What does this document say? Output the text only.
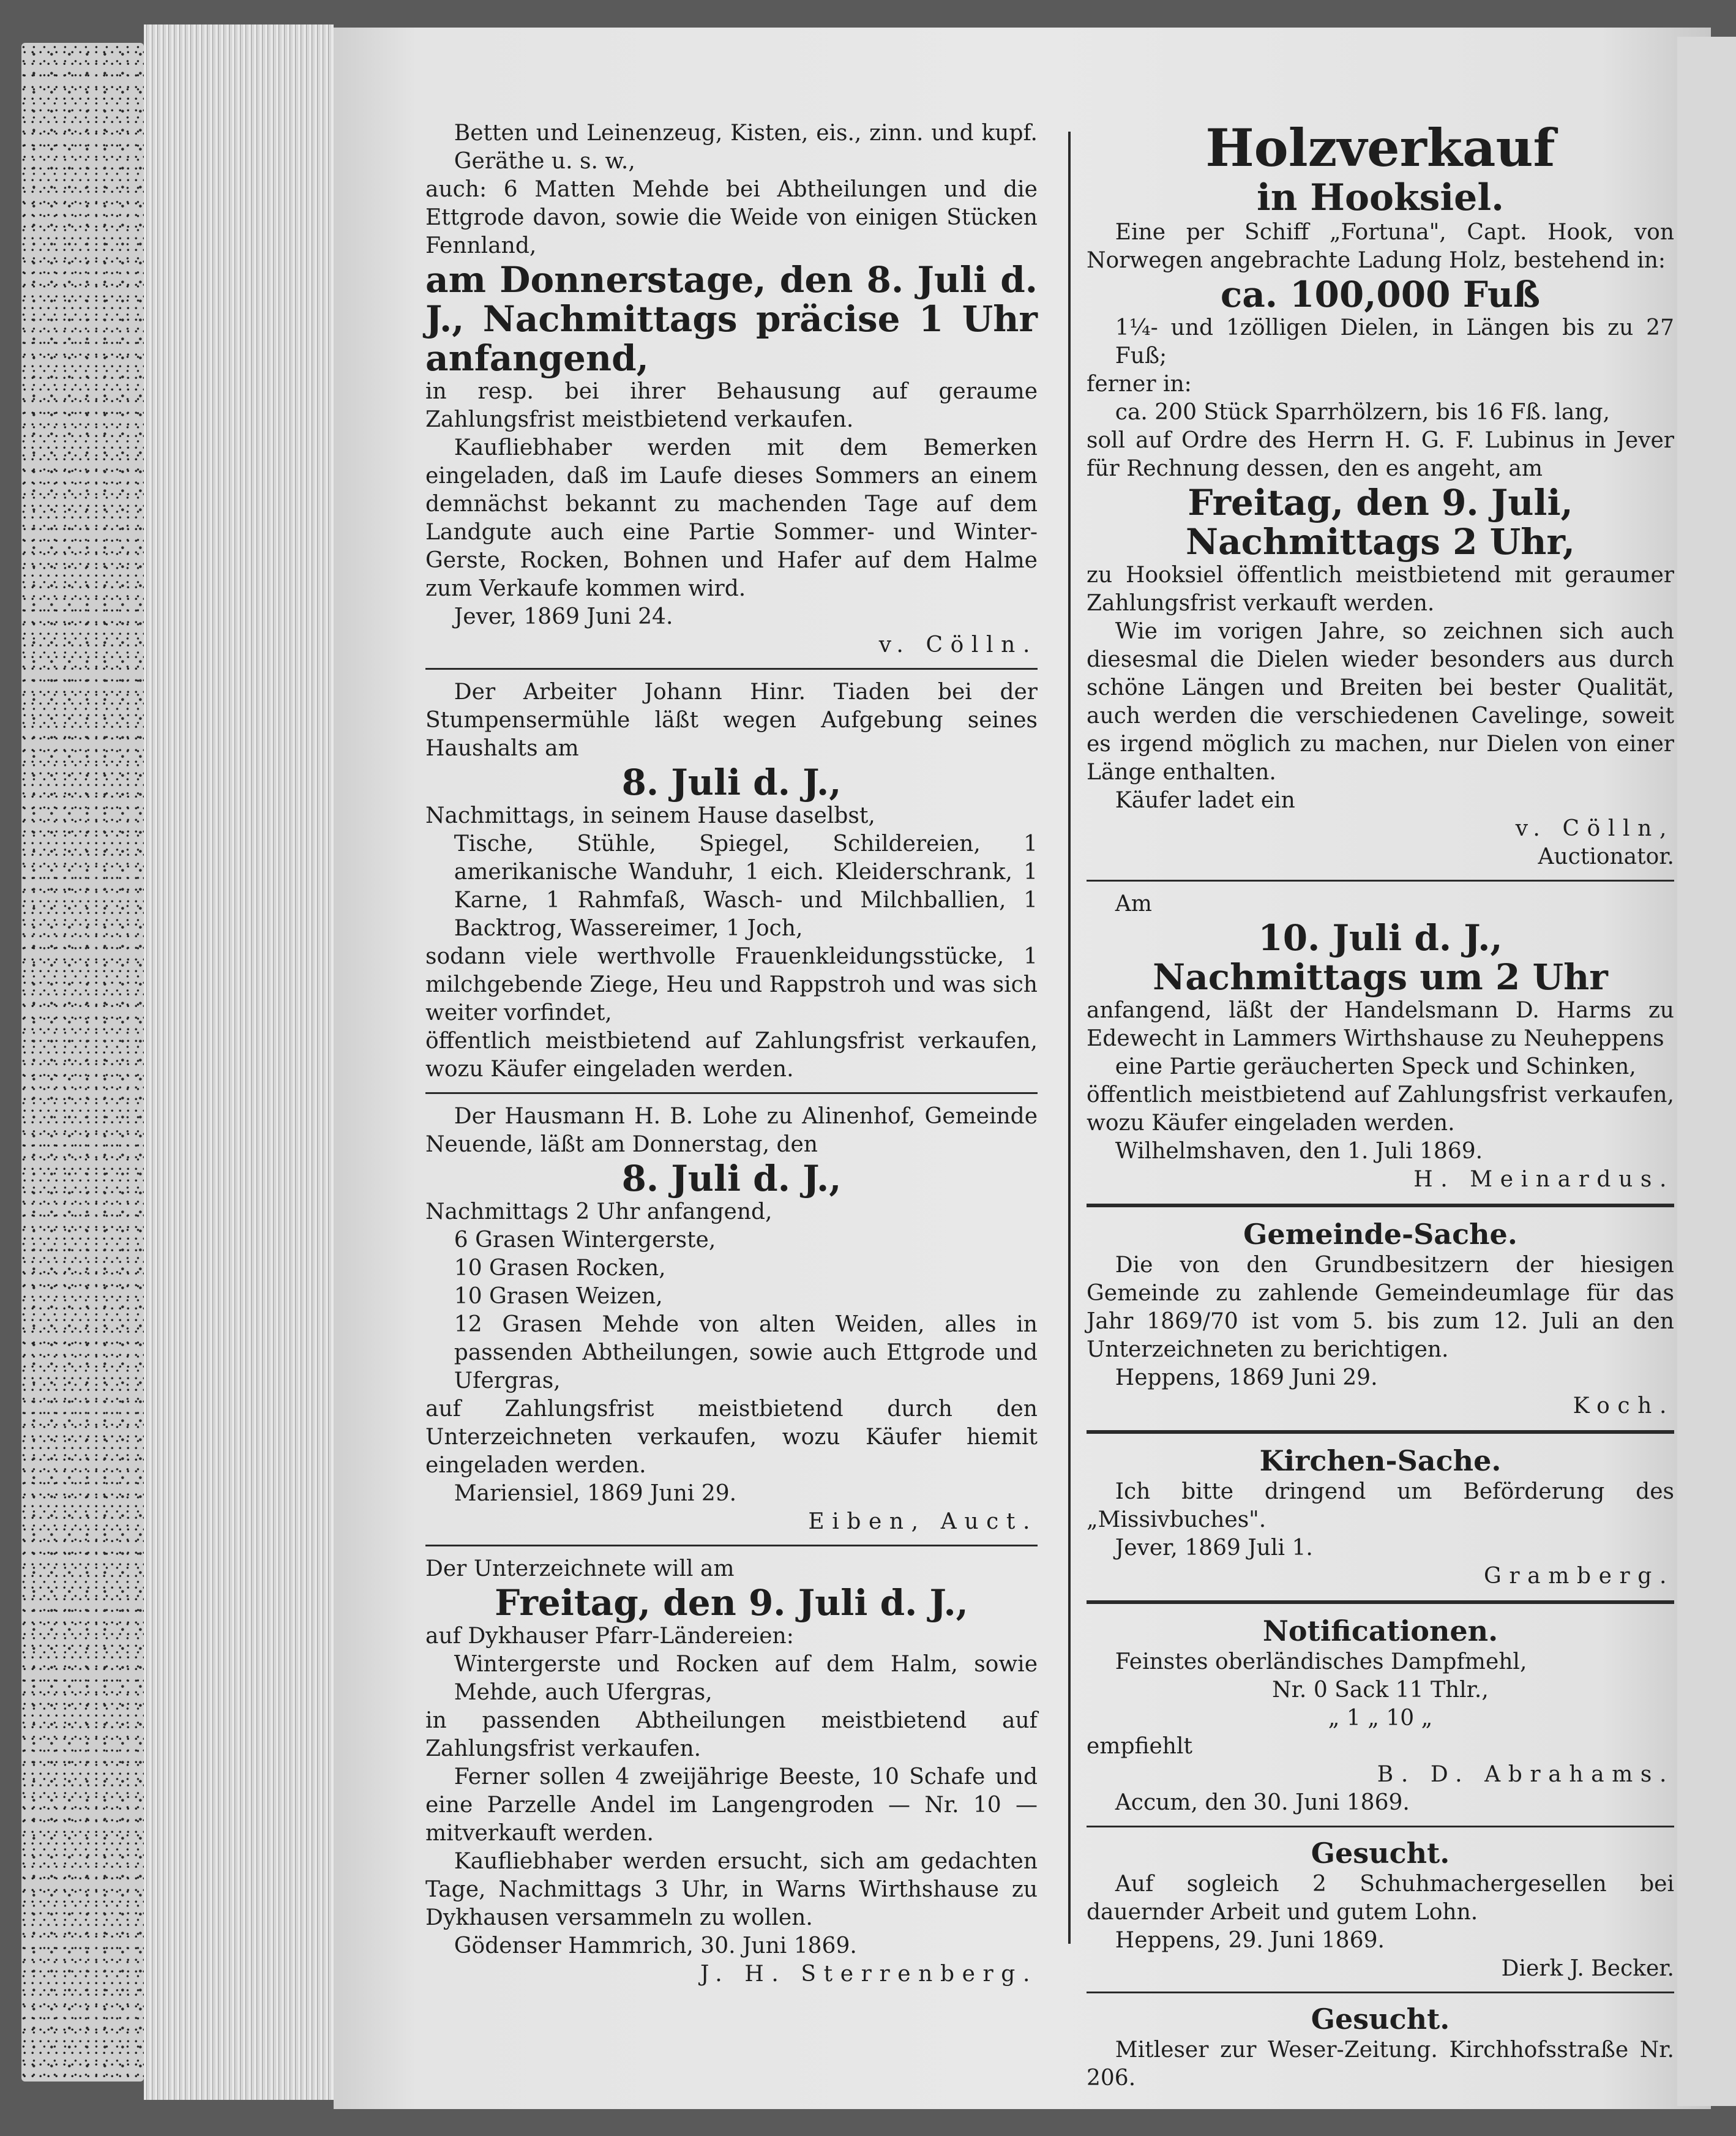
Betten und Leinenzeug, Kisten, eis., zinn. und kupf. Geräthe u. s. w.,

auch: 6 Matten Mehde bei Abtheilungen und die Ettgrode davon, sowie die Weide von einigen Stücken Fennland,

am Donnerstage, den 8. Juli d. J., Nachmittags präcise 1 Uhr anfangend,

in resp. bei ihrer Behausung auf geraume Zahlungsfrist meistbietend verkaufen.

Kaufliebhaber werden mit dem Bemerken eingeladen, daß im Laufe dieses Sommers an einem demnächst bekannt zu machenden Tage auf dem Landgute auch eine Partie Sommer- und Winter-Gerste, Rocken, Bohnen und Hafer auf dem Halme zum Verkaufe kommen wird.

Jever, 1869 Juni 24.

v. Cölln.

Der Arbeiter Johann Hinr. Tiaden bei der Stumpensermühle läßt wegen Aufgebung seines Haushalts am

8. Juli d. J.,

Nachmittags, in seinem Hause daselbst,

Tische, Stühle, Spiegel, Schildereien, 1 amerikanische Wanduhr, 1 eich. Kleiderschrank, 1 Karne, 1 Rahmfaß, Wasch- und Milchballien, 1 Backtrog, Wassereimer, 1 Joch,

sodann viele werthvolle Frauenkleidungsstücke, 1 milchgebende Ziege, Heu und Rappstroh und was sich weiter vorfindet,

öffentlich meistbietend auf Zahlungsfrist verkaufen, wozu Käufer eingeladen werden.

Der Hausmann H. B. Lohe zu Alinenhof, Gemeinde Neuende, läßt am Donnerstag, den

8. Juli d. J.,

Nachmittags 2 Uhr anfangend,

6 Grasen Wintergerste,

10 Grasen Rocken,

10 Grasen Weizen,

12 Grasen Mehde von alten Weiden, alles in passenden Abtheilungen, sowie auch Ettgrode und Ufergras,

auf Zahlungsfrist meistbietend durch den Unterzeichneten verkaufen, wozu Käufer hiemit eingeladen werden.

Mariensiel, 1869 Juni 29.

Eiben, Auct.

Der Unterzeichnete will am

Freitag, den 9. Juli d. J.,

auf Dykhauser Pfarr-Ländereien:

Wintergerste und Rocken auf dem Halm, sowie Mehde, auch Ufergras,

in passenden Abtheilungen meistbietend auf Zahlungsfrist verkaufen.

Ferner sollen 4 zweijährige Beeste, 10 Schafe und eine Parzelle Andel im Langengroden — Nr. 10 — mitverkauft werden.

Kaufliebhaber werden ersucht, sich am gedachten Tage, Nachmittags 3 Uhr, in Warns Wirthshause zu Dykhausen versammeln zu wollen.

Gödenser Hammrich, 30. Juni 1869.

J. H. Sterrenberg.

Holzverkauf

in Hooksiel.

Eine per Schiff „Fortuna", Capt. Hook, von Norwegen angebrachte Ladung Holz, bestehend in:

ca. 100,000 Fuß

1¼- und 1zölligen Dielen, in Längen bis zu 27 Fuß;

ferner in:

ca. 200 Stück Sparrhölzern, bis 16 Fß. lang,

soll auf Ordre des Herrn H. G. F. Lubinus in Jever für Rechnung dessen, den es angeht, am

Freitag, den 9. Juli,

Nachmittags 2 Uhr,

zu Hooksiel öffentlich meistbietend mit geraumer Zahlungsfrist verkauft werden.

Wie im vorigen Jahre, so zeichnen sich auch diesesmal die Dielen wieder besonders aus durch schöne Längen und Breiten bei bester Qualität, auch werden die verschiedenen Cavelinge, soweit es irgend möglich zu machen, nur Dielen von einer Länge enthalten.

Käufer ladet ein

v. Cölln,

Auctionator.

Am

10. Juli d. J.,

Nachmittags um 2 Uhr

anfangend, läßt der Handelsmann D. Harms zu Edewecht in Lammers Wirthshause zu Neuheppens

eine Partie geräucherten Speck und Schinken,

öffentlich meistbietend auf Zahlungsfrist verkaufen, wozu Käufer eingeladen werden.

Wilhelmshaven, den 1. Juli 1869.

H. Meinardus.

Gemeinde-Sache.

Die von den Grundbesitzern der hiesigen Gemeinde zu zahlende Gemeindeumlage für das Jahr 1869/70 ist vom 5. bis zum 12. Juli an den Unterzeichneten zu berichtigen.

Heppens, 1869 Juni 29.

Koch.

Kirchen-Sache.

Ich bitte dringend um Beförderung des „Missivbuches".

Jever, 1869 Juli 1.

Gramberg.

Notificationen.

Feinstes oberländisches Dampfmehl,

Nr. 0 Sack 11 Thlr.,

„ 1 „ 10 „

empfiehlt

B. D. Abrahams.

Accum, den 30. Juni 1869.

Gesucht.

Auf sogleich 2 Schuhmachergesellen bei dauernder Arbeit und gutem Lohn.

Heppens, 29. Juni 1869.

Dierk J. Becker.

Gesucht.

Mitleser zur Weser-Zeitung. Kirchhofsstraße Nr. 206.
